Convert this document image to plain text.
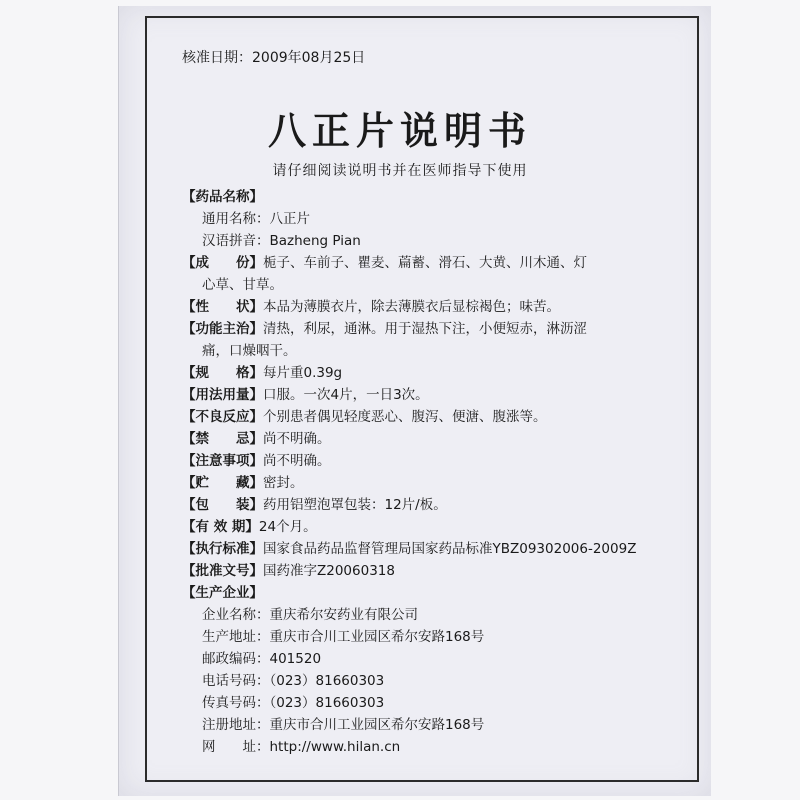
核准日期：2009年08月25日
八正片说明书
请仔细阅读说明书并在医师指导下使用
【药品名称】
通用名称：八正片
汉语拼音：Bazheng Pian
【成　　份】栀子、车前子、瞿麦、萹蓄、滑石、大黄、川木通、灯
心草、甘草。
【性　　状】本品为薄膜衣片，除去薄膜衣后显棕褐色；味苦。
【功能主治】清热，利尿，通淋。用于湿热下注，小便短赤，淋沥涩
痛，口燥咽干。
【规　　格】每片重0.39g
【用法用量】口服。一次4片，一日3次。
【不良反应】个别患者偶见轻度恶心、腹泻、便溏、腹涨等。
【禁　　忌】尚不明确。
【注意事项】尚不明确。
【贮　　藏】密封。
【包　　装】药用铝塑泡罩包装：12片/板。
【有 效 期】24个月。
【执行标准】国家食品药品监督管理局国家药品标准YBZ09302006-2009Z
【批准文号】国药准字Z20060318
【生产企业】
企业名称：重庆希尔安药业有限公司
生产地址：重庆市合川工业园区希尔安路168号
邮政编码：401520
电话号码：（023）81660303
传真号码：（023）81660303
注册地址：重庆市合川工业园区希尔安路168号
网　　址：http://www.hilan.cn
